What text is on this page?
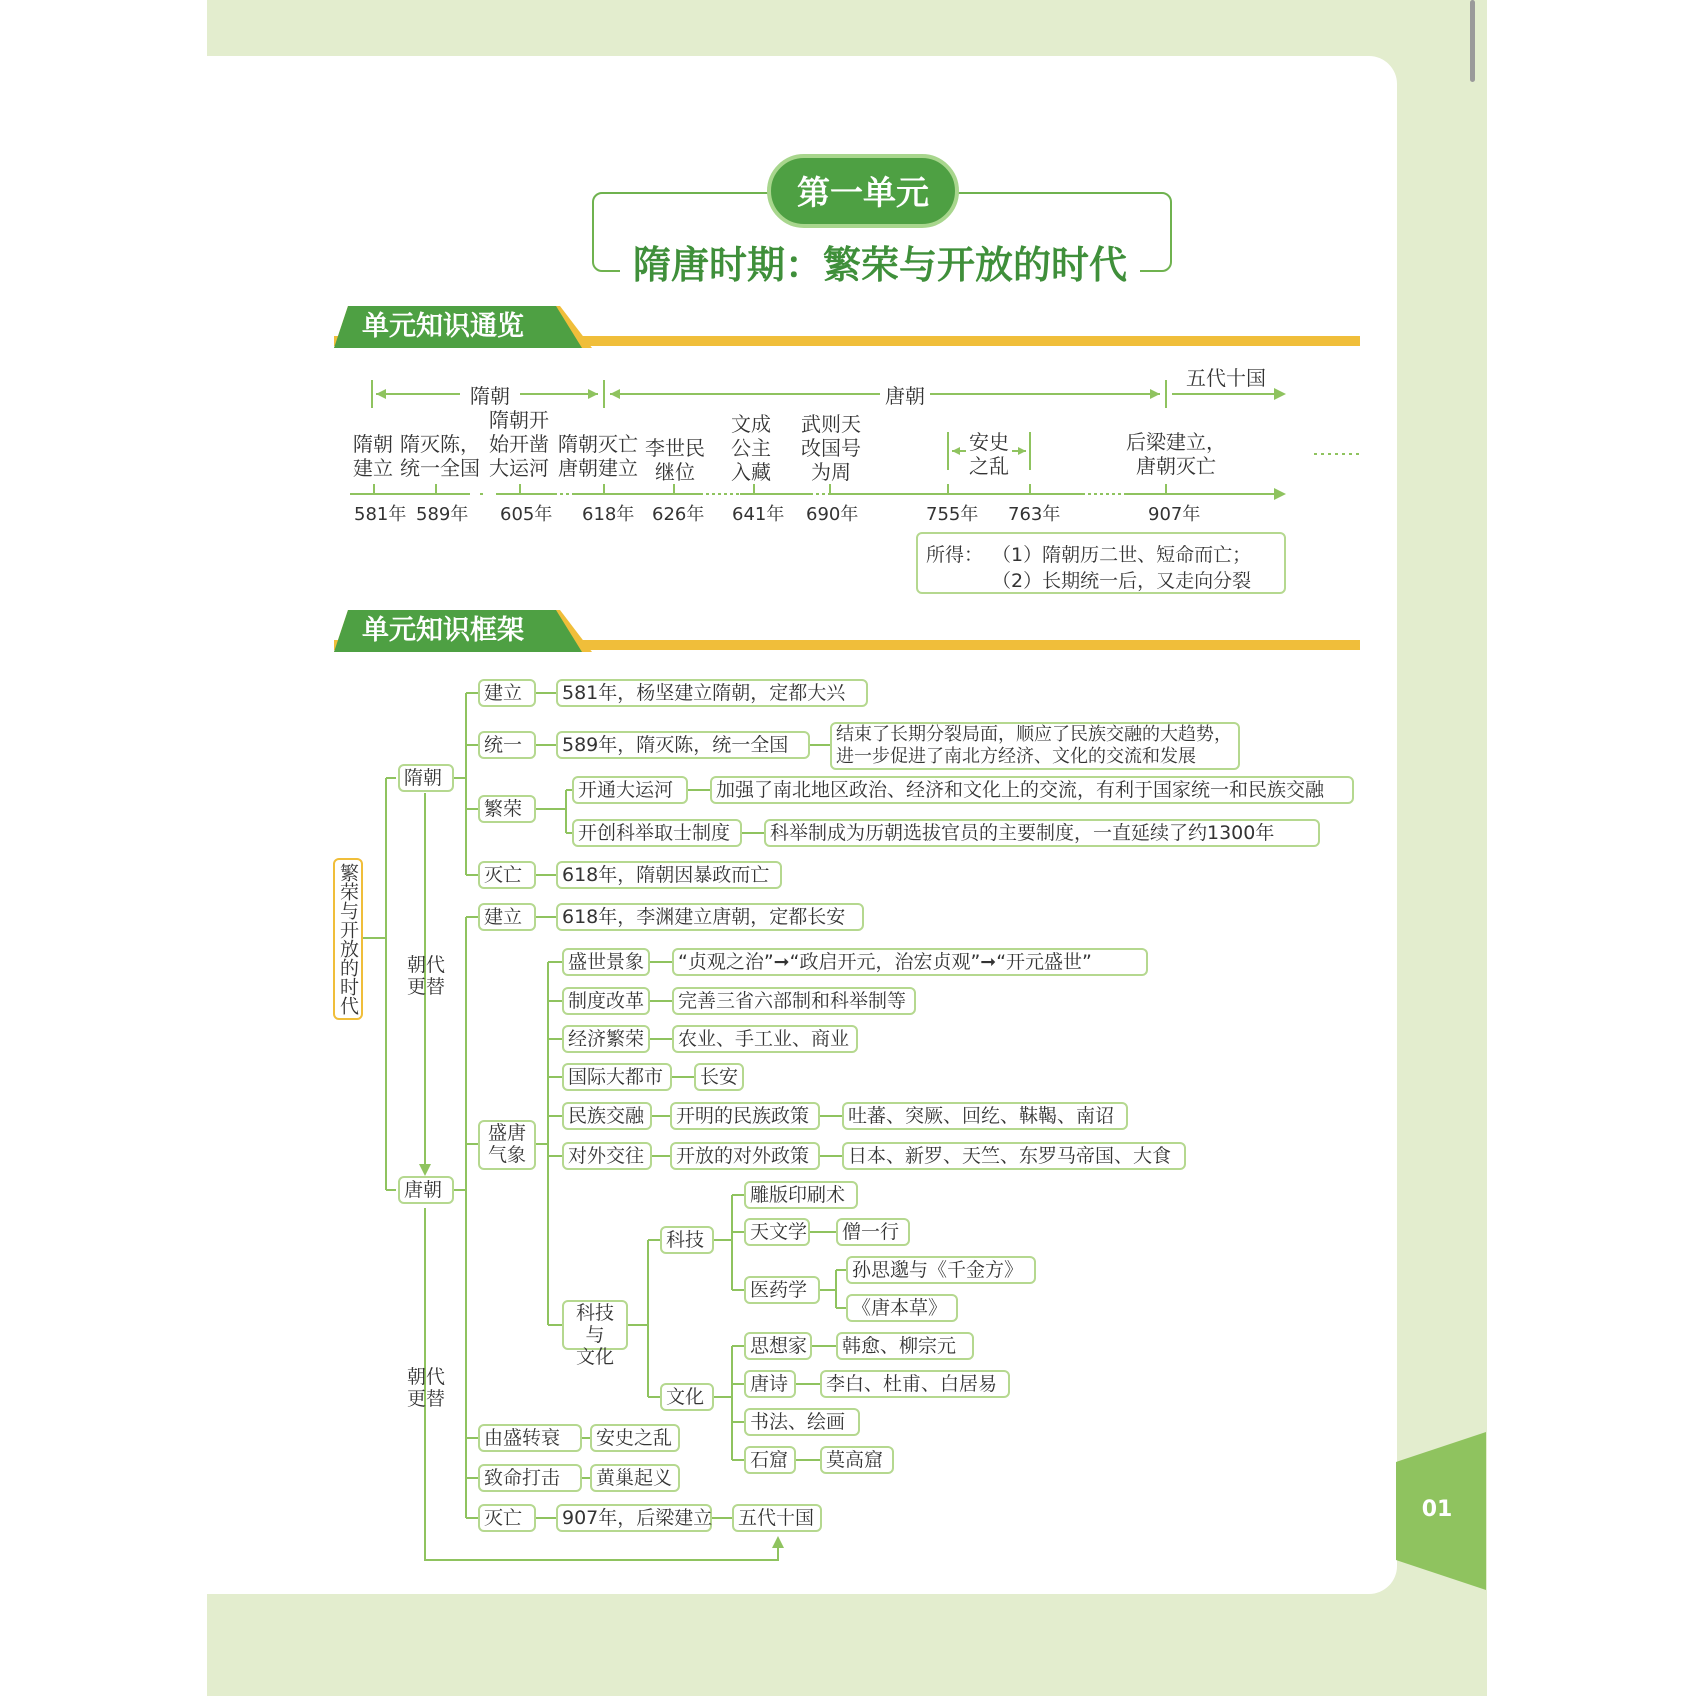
01
第一单元
隋唐时期：繁荣与开放的时代
单元知识通览
隋朝	唐朝
五代十国
安史
之乱
隋朝
建立
581年
隋灭陈，
统一全国
589年
隋朝开
始开凿
大运河
605年
隋朝灭亡
唐朝建立
618年
李世民
继位
626年
文成
公主
入藏
641年
武则天
改国号
为周
690年	755年 763年
后梁建立，
唐朝灭亡
907年
所得： （1）隋朝历二世、短命而亡；
（2）长期统一后，又走向分裂
单元知识框架
繁荣与开放的时代
隋朝
唐朝
朝代
更替
朝代
更替
建立	581年，杨坚建立隋朝，定都大兴
统一	589年，隋灭陈，统一全国	结束了长期分裂局面，顺应了民族交融的大趋势，
进一步促进了南北方经济、文化的交流和发展
繁荣
开通大运河	加强了南北地区政治、经济和文化上的交流，有利于国家统一和民族交融
开创科举取士制度	科举制成为历朝选拔官员的主要制度，一直延续了约1300年
灭亡	618年，隋朝因暴政而亡
建立	618年，李渊建立唐朝，定都长安
盛唐
气象
盛世景象	“贞观之治”➞“政启开元，治宏贞观”➞“开元盛世”
制度改革	完善三省六部制和科举制等
经济繁荣	农业、手工业、商业
国际大都市	长安
民族交融	开明的民族政策	吐蕃、突厥、回纥、靺鞨、南诏
对外交往	开放的对外政策	日本、新罗、天竺、东罗马帝国、大食
科技与
文化
科技
文化
雕版印刷术
天文学	僧一行
医药学
孙思邈与《千金方》
《唐本草》
思想家	韩愈、柳宗元
唐诗	李白、杜甫、白居易
书法、绘画
石窟	莫高窟
由盛转衰	安史之乱
致命打击	黄巢起义
灭亡	907年，后梁建立	五代十国
